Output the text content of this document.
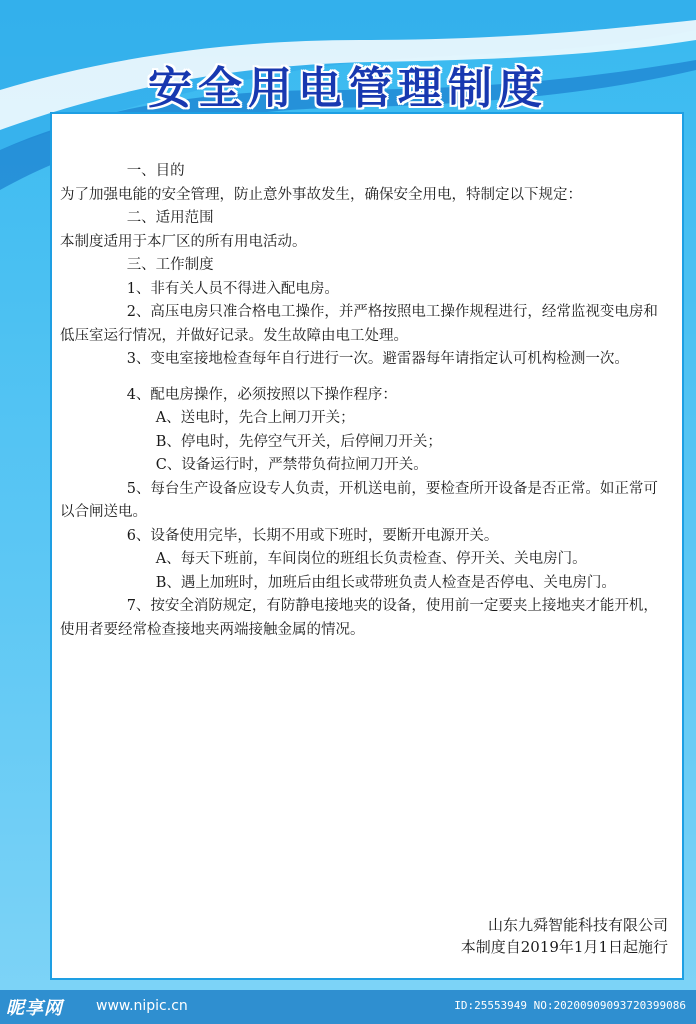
安全用电管理制度

一、目的

为了加强电能的安全管理，防止意外事故发生，确保安全用电，特制定以下规定：

二、适用范围

本制度适用于本厂区的所有用电活动。

三、工作制度

1、非有关人员不得进入配电房。

2、高压电房只准合格电工操作，并严格按照电工操作规程进行，经常监视变电房和低压室运行情况，并做好记录。发生故障由电工处理。

3、变电室接地检查每年自行进行一次。避雷器每年请指定认可机构检测一次。

4、配电房操作，必须按照以下操作程序：

A、送电时，先合上闸刀开关；

B、停电时，先停空气开关，后停闸刀开关；

C、设备运行时，严禁带负荷拉闸刀开关。

5、每台生产设备应设专人负责，开机送电前，要检查所开设备是否正常。如正常可以合闸送电。

6、设备使用完毕，长期不用或下班时，要断开电源开关。

A、每天下班前，车间岗位的班组长负责检查、停开关、关电房门。

B、遇上加班时，加班后由组长或带班负责人检查是否停电、关电房门。

7、按安全消防规定，有防静电接地夹的设备，使用前一定要夹上接地夹才能开机，使用者要经常检查接地夹两端接触金属的情况。

山东九舜智能科技有限公司
本制度自2019年1月1日起施行
昵享网 www.nipic.cn	ID:25553949 NO:20200909093720399086
